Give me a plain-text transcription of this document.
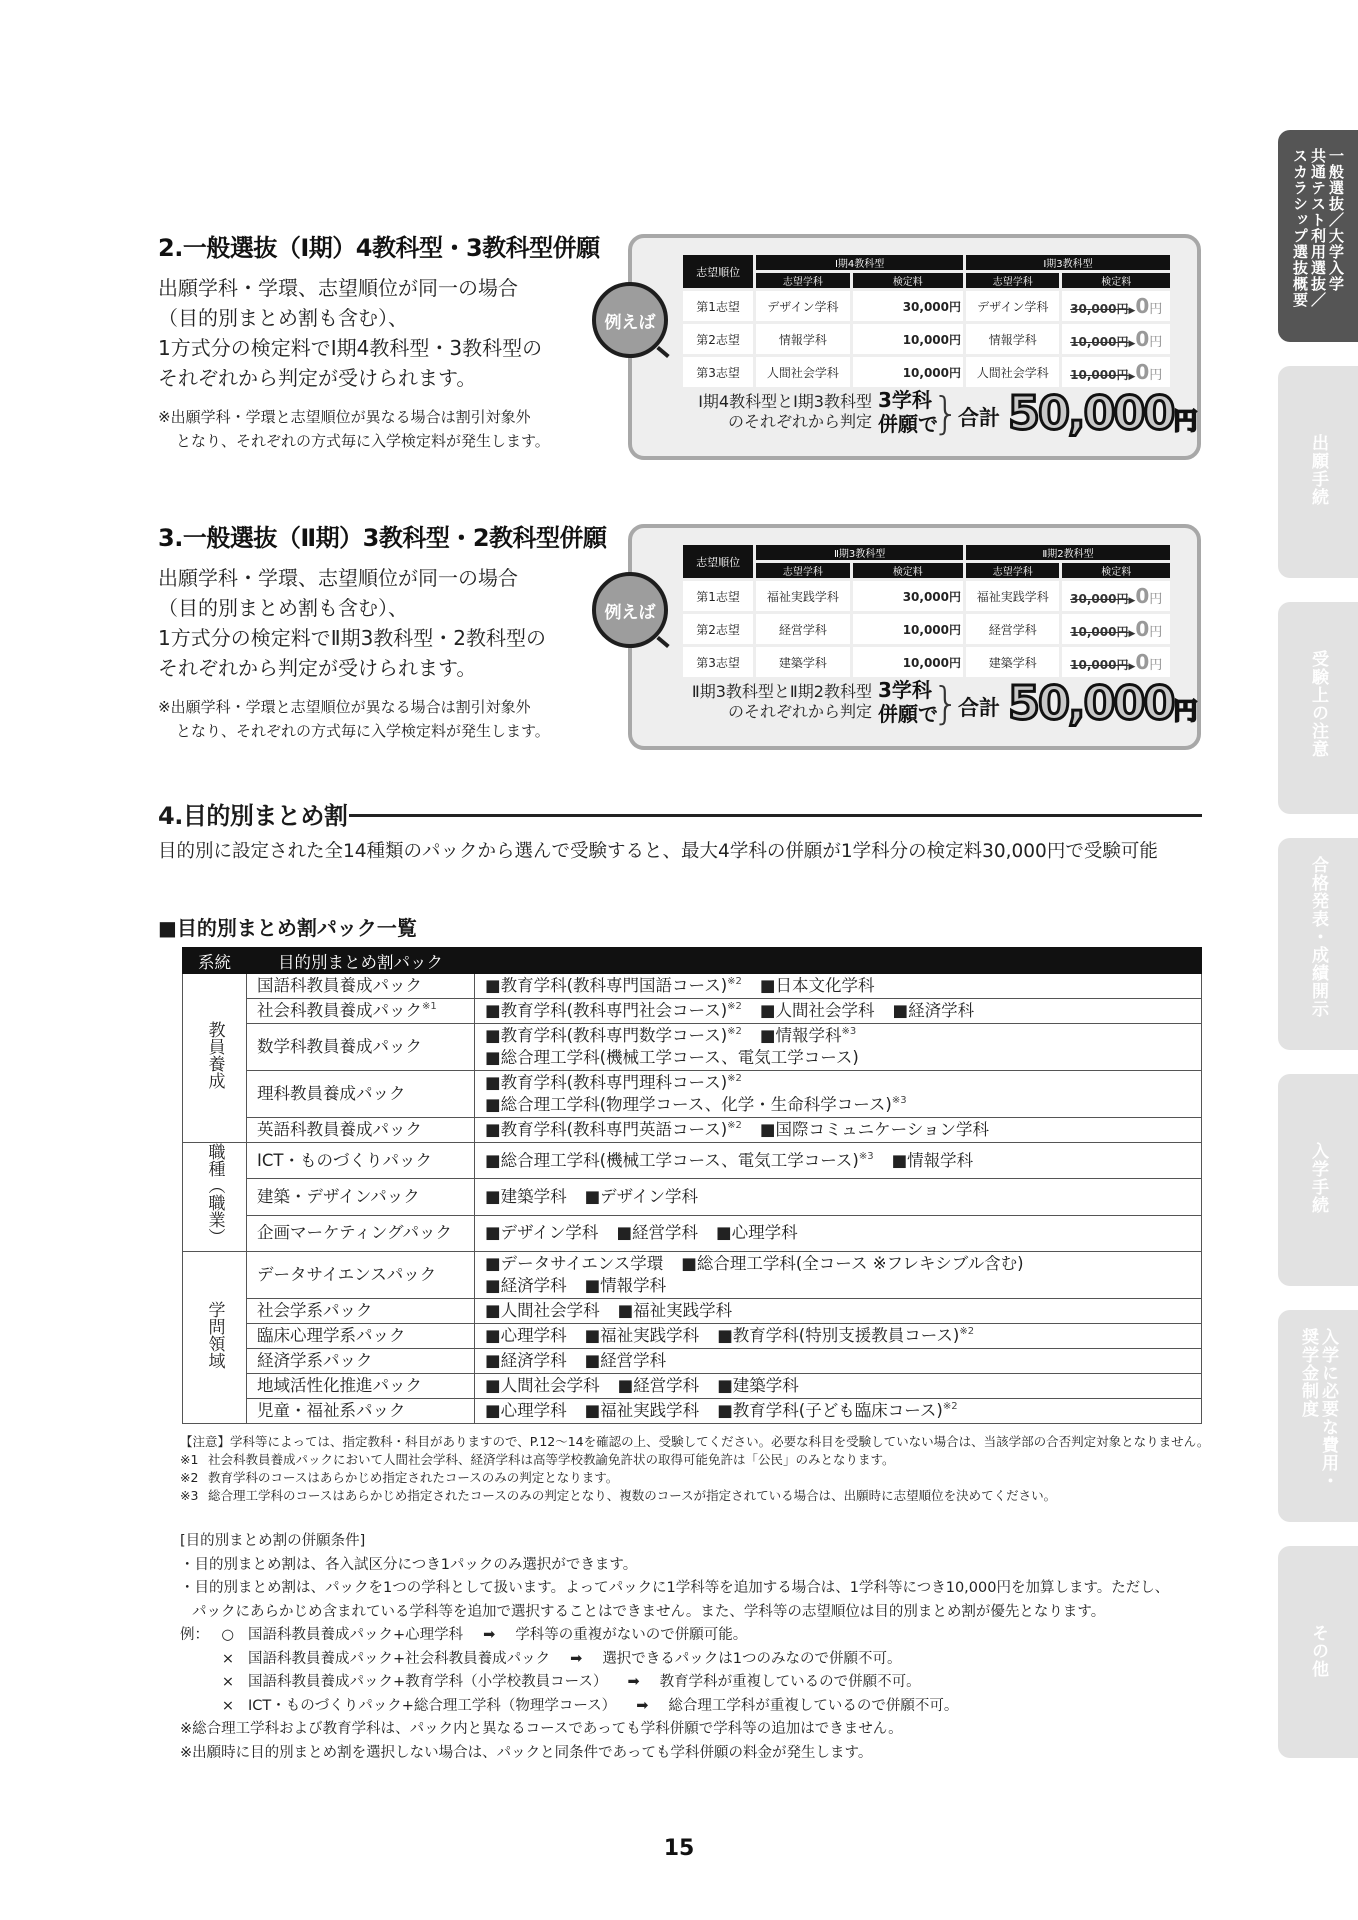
一般選抜／大学入学
共通テスト利用選抜／
スカラシップ選抜概要
出願手続
受験上の注意
合格発表・成績開示
入学手続
入学に必要な費用・
奨学金制度
その他
2.一般選抜（Ⅰ期）4教科型・3教科型併願
出願学科・学環、志望順位が同一の場合
（目的別まとめ割も含む）、
1方式分の検定料でⅠ期4教科型・3教科型の
それぞれから判定が受けられます。
※出願学科・学環と志望順位が異なる場合は割引対象外
となり、それぞれの方式毎に入学検定料が発生します。
例えば
志望順位	Ⅰ期4教科型		Ⅰ期3教科型	
	志望学科	検定料	志望学科	検定料
第1志望	デザイン学科	30,000円	デザイン学科	30,000円▶0円
第2志望	情報学科	10,000円	情報学科	10,000円▶0円
第3志望	人間社会学科	10,000円	人間社会学科	10,000円▶0円
Ⅰ期4教科型とⅠ期3教科型
のそれぞれから判定
3学科
併願で
}
合計 50,000円
3.一般選抜（Ⅱ期）3教科型・2教科型併願
出願学科・学環、志望順位が同一の場合
（目的別まとめ割も含む）、
1方式分の検定料でⅡ期3教科型・2教科型の
それぞれから判定が受けられます。
※出願学科・学環と志望順位が異なる場合は割引対象外
となり、それぞれの方式毎に入学検定料が発生します。
例えば
志望順位	Ⅱ期3教科型		Ⅱ期2教科型	
	志望学科	検定料	志望学科	検定料
第1志望	福祉実践学科	30,000円	福祉実践学科	30,000円▶0円
第2志望	経営学科	10,000円	経営学科	10,000円▶0円
第3志望	建築学科	10,000円	建築学科	10,000円▶0円
Ⅱ期3教科型とⅡ期2教科型
のそれぞれから判定
3学科
併願で
}
合計 50,000円
4.目的別まとめ割
目的別に設定された全14種類のパックから選んで受験すると、最大4学科の併願が1学科分の検定料30,000円で受験可能
■目的別まとめ割パック一覧
系統	目的別まとめ割パック	
教員養成	国語科教員養成パック	■教育学科(教科専門国語コース)$^{※2}$ ■日本文化学科

	社会科教員養成パック$^{※1}$	■教育学科(教科専門社会コース)$^{※2}$ ■人間社会学科 ■経済学科

	数学科教員養成パック	■教育学科(教科専門数学コース)$^{※2}$ ■情報学科$^{※3}$
■総合理工学科(機械工学コース、電気工学コース)

	理科教員養成パック	■教育学科(教科専門理科コース)$^{※2}$
■総合理工学科(物理学コース、化学・生命科学コース)$^{※3}$

	英語科教員養成パック	■教育学科(教科専門英語コース)$^{※2}$ ■国際コミュニケーション学科

職種（職業）	ICT・ものづくりパック	■総合理工学科(機械工学コース、電気工学コース)$^{※3}$ ■情報学科

	建築・デザインパック	■建築学科 ■デザイン学科

	企画マーケティングパック	■デザイン学科 ■経営学科 ■心理学科

学問領域	データサイエンスパック	■データサイエンス学環 ■総合理工学科(全コース ※フレキシブル含む)
■経済学科 ■情報学科

	社会学系パック	■人間社会学科 ■福祉実践学科

	臨床心理学系パック	■心理学科 ■福祉実践学科 ■教育学科(特別支援教員コース)$^{※2}$

	経済学系パック	■経済学科 ■経営学科

	地域活性化推進パック	■人間社会学科 ■経営学科 ■建築学科

	児童・福祉系パック	■心理学科 ■福祉実践学科 ■教育学科(子ども臨床コース)$^{※2}$
【注意】学科等によっては、指定教科・科目がありますので、P.12～14を確認の上、受験してください。必要な科目を受験していない場合は、当該学部の合否判定対象となりません。
※1 社会科教員養成パックにおいて人間社会学科、経済学科は高等学校教諭免許状の取得可能免許は「公民」のみとなります。
※2 教育学科のコースはあらかじめ指定されたコースのみの判定となります。
※3 総合理工学科のコースはあらかじめ指定されたコースのみの判定となり、複数のコースが指定されている場合は、出願時に志望順位を決めてください。
[目的別まとめ割の併願条件]
・目的別まとめ割は、各入試区分につき1パックのみ選択ができます。
・目的別まとめ割は、パックを1つの学科として扱います。よってパックに1学科等を追加する場合は、1学科等につき10,000円を加算します。ただし、
パックにあらかじめ含まれている学科等を追加で選択することはできません。また、学科等の志望順位は目的別まとめ割が優先となります。
例： ○ 国語科教員養成パック+心理学科 ➡ 学科等の重複がないので併願可能。
× 国語科教員養成パック+社会科教員養成パック ➡ 選択できるパックは1つのみなので併願不可。
× 国語科教員養成パック+教育学科（小学校教員コース） ➡ 教育学科が重複しているので併願不可。
× ICT・ものづくりパック+総合理工学科（物理学コース） ➡ 総合理工学科が重複しているので併願不可。
※総合理工学科および教育学科は、パック内と異なるコースであっても学科併願で学科等の追加はできません。
※出願時に目的別まとめ割を選択しない場合は、パックと同条件であっても学科併願の料金が発生します。
15
